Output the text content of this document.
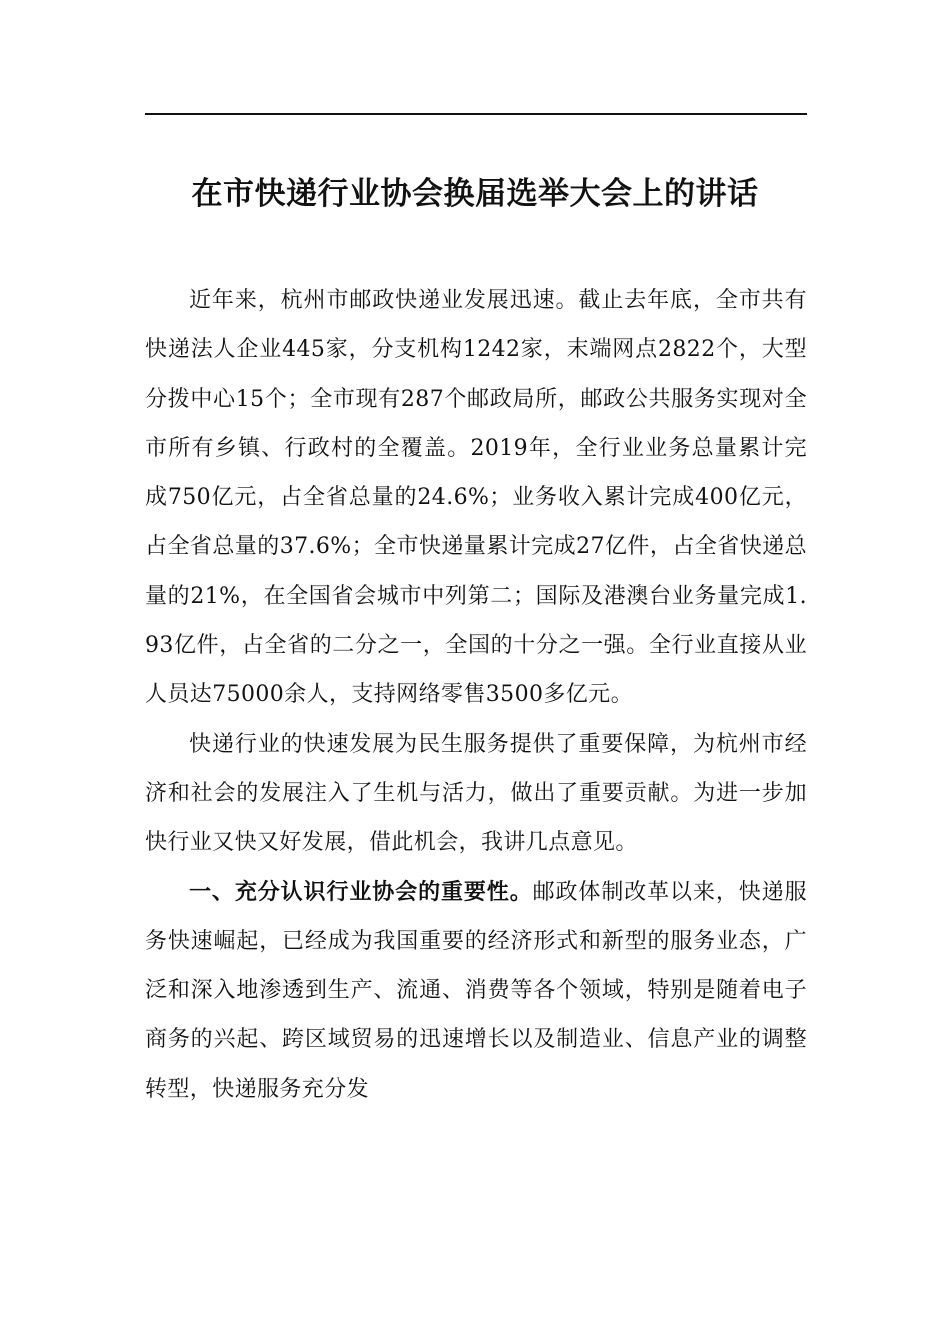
在市快递行业协会换届选举大会上的讲话

近年来，杭州市邮政快递业发展迅速。截止去年底，全市共有快递法人企业445家，分支机构1242家，末端网点2822个，大型分拨中心15个；全市现有287个邮政局所，邮政公共服务实现对全市所有乡镇、行政村的全覆盖。2019年，全行业业务总量累计完成750亿元，占全省总量的24.6%；业务收入累计完成400亿元，占全省总量的37.6%；全市快递量累计完成27亿件，占全省快递总量的21%，在全国省会城市中列第二；国际及港澳台业务量完成1.93亿件，占全省的二分之一，全国的十分之一强。全行业直接从业人员达75000余人，支持网络零售3500多亿元。

快递行业的快速发展为民生服务提供了重要保障，为杭州市经济和社会的发展注入了生机与活力，做出了重要贡献。为进一步加快行业又快又好发展，借此机会，我讲几点意见。

一、充分认识行业协会的重要性。邮政体制改革以来，快递服务快速崛起，已经成为我国重要的经济形式和新型的服务业态，广泛和深入地渗透到生产、流通、消费等各个领域，特别是随着电子商务的兴起、跨区域贸易的迅速增长以及制造业、信息产业的调整转型，快递服务充分发
